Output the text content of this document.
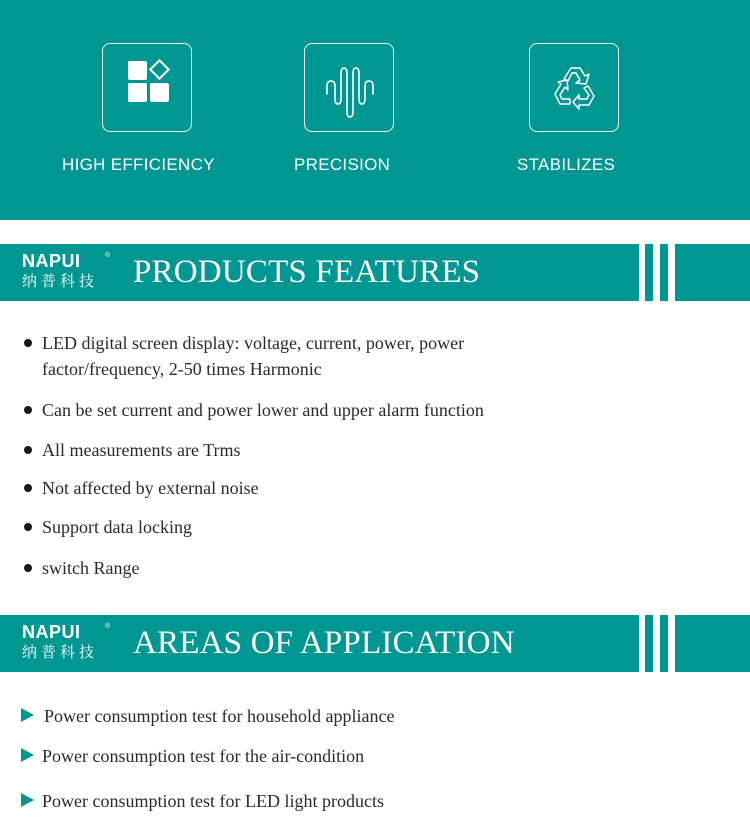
HIGH EFFICIENCY	PRECISION	STABILIZES
NAPUI	®
纳普科技	PRODUCTS FEATURES
LED digital screen display: voltage, current, power, power
factor/frequency, 2-50 times Harmonic
Can be set current and power lower and upper alarm function
All measurements are Trms
Not affected by external noise
Support data locking
switch Range
NAPUI	®
纳普科技	AREAS OF APPLICATION
Power consumption test for household appliance
Power consumption test for the air-condition
Power consumption test for LED light products
